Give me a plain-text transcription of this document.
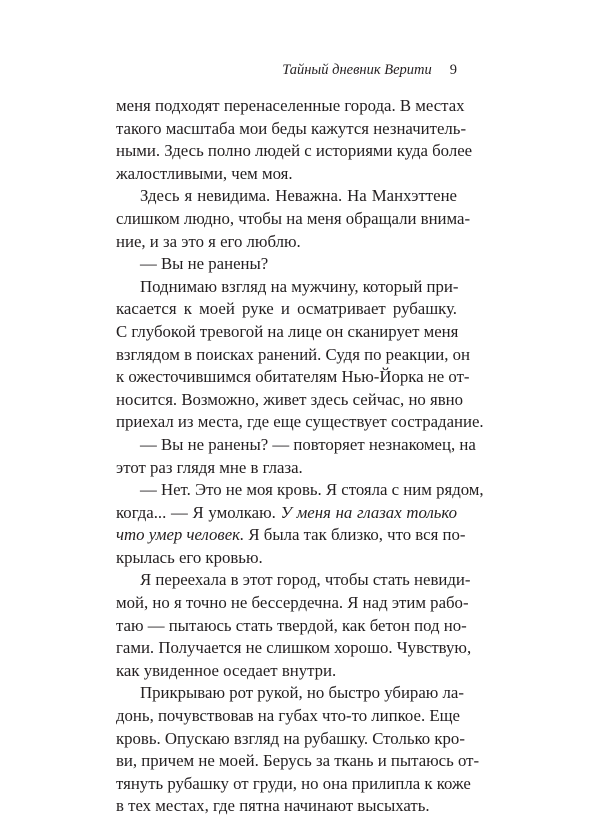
Тайный дневник Верити 9
меня подходят перенаселенные города. В местах
такого масштаба мои беды кажутся незначитель-
ными. Здесь полно людей с историями куда более
жалостливыми, чем моя.
Здесь я невидима. Неважна. На Манхэттене
слишком людно, чтобы на меня обращали внима-
ние, и за это я его люблю.
— Вы не ранены?
Поднимаю взгляд на мужчину, который при-
касается к моей руке и осматривает рубашку.
С глубокой тревогой на лице он сканирует меня
взглядом в поисках ранений. Судя по реакции, он
к ожесточившимся обитателям Нью-Йорка не от-
носится. Возможно, живет здесь сейчас, но явно
приехал из места, где еще существует сострадание.
— Вы не ранены? — повторяет незнакомец, на
этот раз глядя мне в глаза.
— Нет. Это не моя кровь. Я стояла с ним рядом,
когда... — Я умолкаю. У меня на глазах только
что умер человек. Я была так близко, что вся по-
крылась его кровью.
Я переехала в этот город, чтобы стать невиди-
мой, но я точно не бессердечна. Я над этим рабо-
таю — пытаюсь стать твердой, как бетон под но-
гами. Получается не слишком хорошо. Чувствую,
как увиденное оседает внутри.
Прикрываю рот рукой, но быстро убираю ла-
донь, почувствовав на губах что-то липкое. Еще
кровь. Опускаю взгляд на рубашку. Столько кро-
ви, причем не моей. Берусь за ткань и пытаюсь от-
тянуть рубашку от груди, но она прилипла к коже
в тех местах, где пятна начинают высыхать.
